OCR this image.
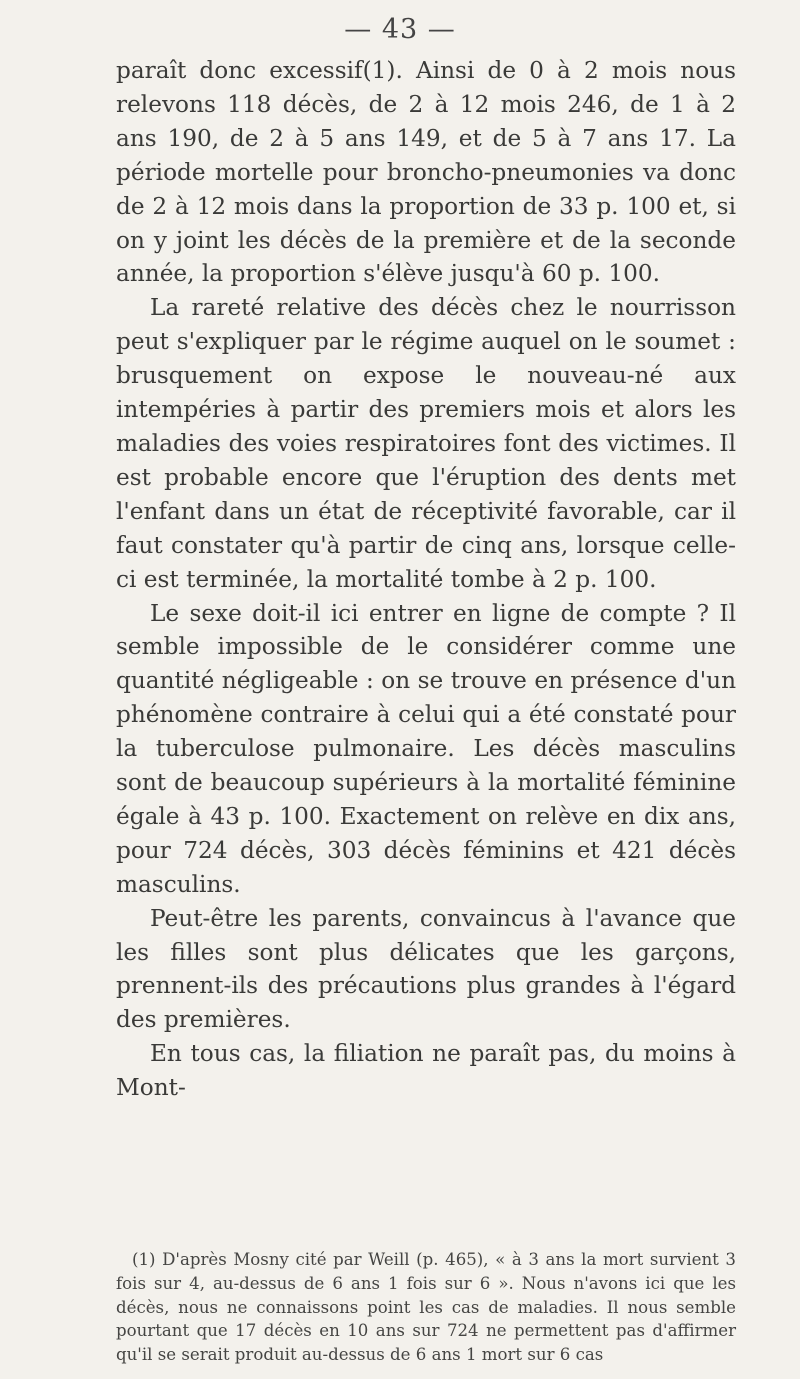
— 43 —

paraît donc excessif(1). Ainsi de 0 à 2 mois nous relevons 118 décès, de 2 à 12 mois 246, de 1 à 2 ans 190, de 2 à 5 ans 149, et de 5 à 7 ans 17. La période mortelle pour broncho-pneumonies va donc de 2 à 12 mois dans la proportion de 33 p. 100 et, si on y joint les décès de la première et de la seconde année, la proportion s'élève jusqu'à 60 p. 100.

La rareté relative des décès chez le nourrisson peut s'expliquer par le régime auquel on le soumet : brusquement on expose le nouveau-né aux intempéries à partir des premiers mois et alors les maladies des voies respiratoires font des victimes. Il est probable encore que l'éruption des dents met l'enfant dans un état de réceptivité favorable, car il faut constater qu'à partir de cinq ans, lorsque celle-ci est terminée, la mortalité tombe à 2 p. 100.

Le sexe doit-il ici entrer en ligne de compte ? Il semble impossible de le considérer comme une quantité négligeable : on se trouve en présence d'un phénomène contraire à celui qui a été constaté pour la tuberculose pulmonaire. Les décès masculins sont de beaucoup supérieurs à la mortalité féminine égale à 43 p. 100. Exactement on relève en dix ans, pour 724 décès, 303 décès féminins et 421 décès masculins.

Peut-être les parents, convaincus à l'avance que les filles sont plus délicates que les garçons, prennent-ils des précautions plus grandes à l'égard des premières.

En tous cas, la filiation ne paraît pas, du moins à Mont-

(1) D'après Mosny cité par Weill (p. 465), « à 3 ans la mort survient 3 fois sur 4, au-dessus de 6 ans 1 fois sur 6 ». Nous n'avons ici que les décès, nous ne connaissons point les cas de maladies. Il nous semble pourtant que 17 décès en 10 ans sur 724 ne permettent pas d'affirmer qu'il se serait produit au-dessus de 6 ans 1 mort sur 6 cas
